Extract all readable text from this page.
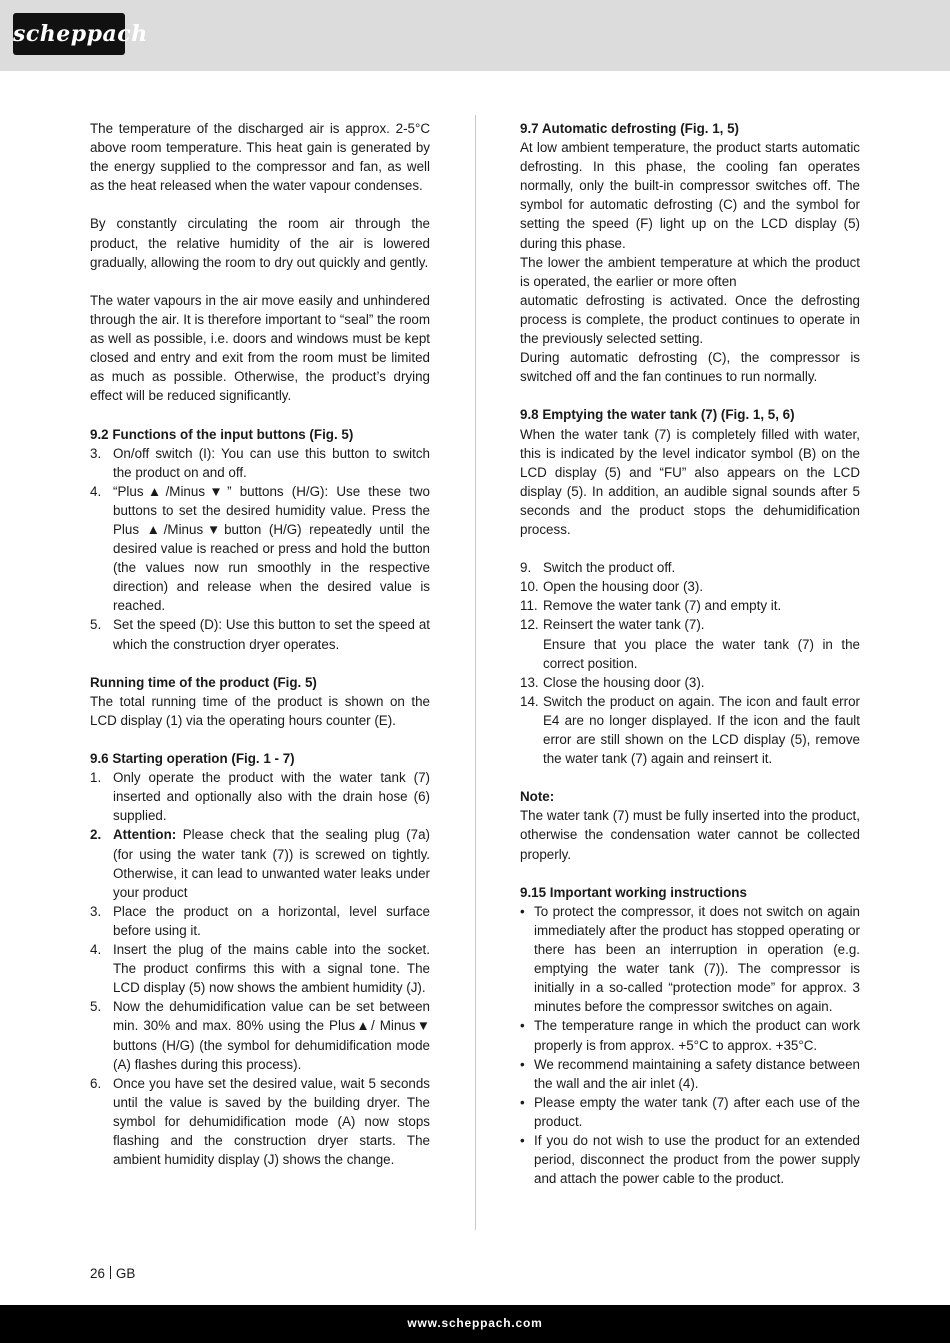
scheppach

The temperature of the discharged air is approx. 2-5°C above room temperature. This heat gain is generated by the energy supplied to the compressor and fan, as well as the heat released when the water vapour condenses.

By constantly circulating the room air through the product, the relative humidity of the air is lowered gradually, allowing the room to dry out quickly and gently.

The water vapours in the air move easily and unhindered through the air. It is therefore important to “seal” the room as well as possible, i.e. doors and windows must be kept closed and entry and exit from the room must be limited as much as possible. Otherwise, the product’s drying effect will be reduced significantly.

9.2 Functions of the input buttons (Fig. 5)
3. On/off switch (I): You can use this button to switch the product on and off.
4. “Plus▲/Minus▼” buttons (H/G): Use these two buttons to set the desired humidity value. Press the Plus ▲/Minus▼button (H/G) repeatedly until the desired value is reached or press and hold the button (the values now run smoothly in the respective direction) and release when the desired value is reached.
5. Set the speed (D): Use this button to set the speed at which the construction dryer operates.
Running time of the product (Fig. 5)

The total running time of the product is shown on the LCD display (1) via the operating hours counter (E).

9.6 Starting operation (Fig. 1 - 7)
1. Only operate the product with the water tank (7) inserted and optionally also with the drain hose (6) supplied.
2. Attention: Please check that the sealing plug (7a) (for using the water tank (7)) is screwed on tightly. Otherwise, it can lead to unwanted water leaks under your product
3. Place the product on a horizontal, level surface before using it.
4. Insert the plug of the mains cable into the socket. The product confirms this with a signal tone. The LCD display (5) now shows the ambient humidity (J).
5. Now the dehumidification value can be set between min. 30% and max. 80% using the Plus▲/ Minus▼ buttons (H/G) (the symbol for dehumidification mode (A) flashes during this process).
6. Once you have set the desired value, wait 5 seconds until the value is saved by the building dryer. The symbol for dehumidification mode (A) now stops flashing and the construction dryer starts. The ambient humidity display (J) shows the change.
9.7 Automatic defrosting (Fig. 1, 5)

At low ambient temperature, the product starts automatic defrosting. In this phase, the cooling fan operates normally, only the built-in compressor switches off. The symbol for automatic defrosting (C) and the symbol for setting the speed (F) light up on the LCD display (5) during this phase.

The lower the ambient temperature at which the product is operated, the earlier or more often

automatic defrosting is activated. Once the defrosting process is complete, the product continues to operate in the previously selected setting.

During automatic defrosting (C), the compressor is switched off and the fan continues to run normally.

9.8 Emptying the water tank (7) (Fig. 1, 5, 6)

When the water tank (7) is completely filled with water, this is indicated by the level indicator symbol (B) on the LCD display (5) and “FU” also appears on the LCD display (5). In addition, an audible signal sounds after 5 seconds and the product stops the dehumidification process.

9. Switch the product off.
10. Open the housing door (3).
11. Remove the water tank (7) and empty it.
12. Reinsert the water tank (7).
Ensure that you place the water tank (7) in the correct position.
13. Close the housing door (3).
14. Switch the product on again. The icon and fault error E4 are no longer displayed. If the icon and the fault error are still shown on the LCD display (5), remove the water tank (7) again and reinsert it.
Note:

The water tank (7) must be fully inserted into the product, otherwise the condensation water cannot be collected properly.

9.15 Important working instructions
• To protect the compressor, it does not switch on again immediately after the product has stopped operating or there has been an interruption in operation (e.g. emptying the water tank (7)). The compressor is initially in a so-called “protection mode” for approx. 3 minutes before the compressor switches on again.
• The temperature range in which the product can work properly is from approx. +5°C to approx. +35°C.
• We recommend maintaining a safety distance between the wall and the air inlet (4).
• Please empty the water tank (7) after each use of the product.
• If you do not wish to use the product for an extended period, disconnect the product from the power supply and attach the power cable to the product.
26 GB
www.scheppach.com
